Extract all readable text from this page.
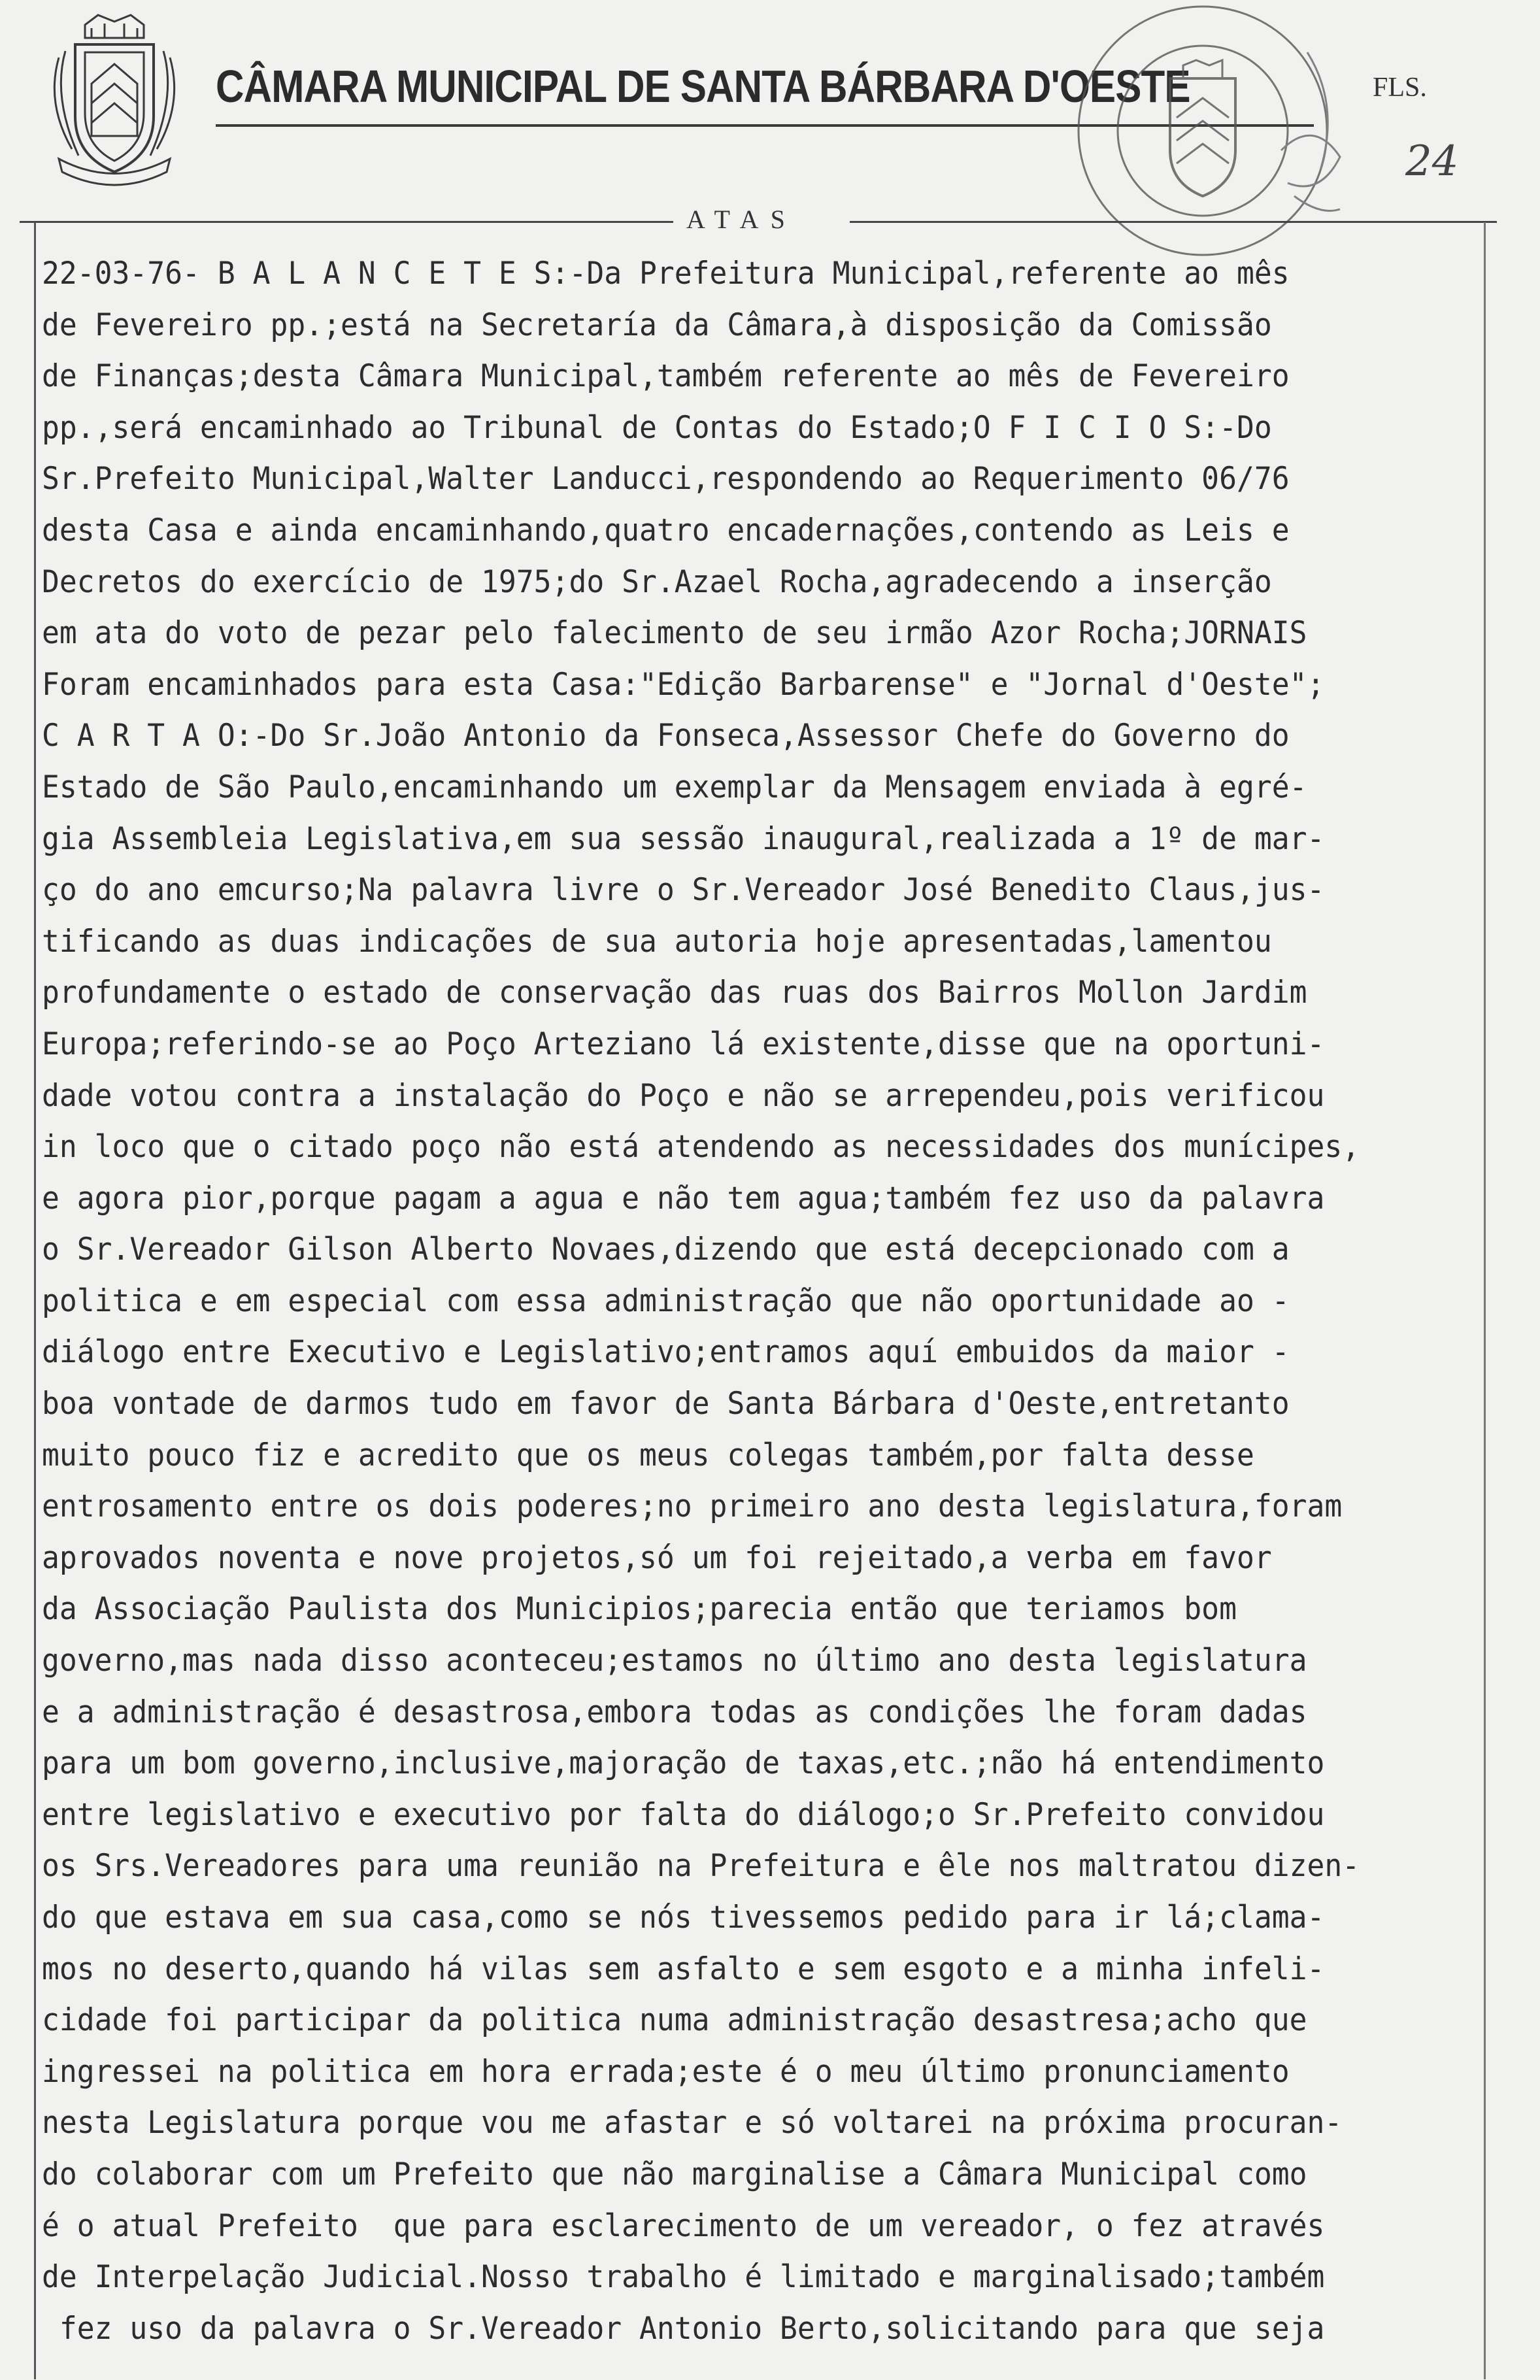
CÂMARA MUNICIPAL DE SANTA BÁRBARA D'OESTE	FLS.
24
ATAS
22-03-76- B A L A N C E T E S:-Da Prefeitura Municipal,referente ao mês
de Fevereiro pp.;está na Secretaría da Câmara,à disposição da Comissão
de Finanças;desta Câmara Municipal,também referente ao mês de Fevereiro
pp.,será encaminhado ao Tribunal de Contas do Estado;O F I C I O S:-Do
Sr.Prefeito Municipal,Walter Landucci,respondendo ao Requerimento 06/76
desta Casa e ainda encaminhando,quatro encadernações,contendo as Leis e
Decretos do exercício de 1975;do Sr.Azael Rocha,agradecendo a inserção
em ata do voto de pezar pelo falecimento de seu irmão Azor Rocha;JORNAIS
Foram encaminhados para esta Casa:"Edição Barbarense" e "Jornal d'Oeste";
C A R T A O:-Do Sr.João Antonio da Fonseca,Assessor Chefe do Governo do
Estado de São Paulo,encaminhando um exemplar da Mensagem enviada à egré-
gia Assembleia Legislativa,em sua sessão inaugural,realizada a 1º de mar-
ço do ano emcurso;Na palavra livre o Sr.Vereador José Benedito Claus,jus-
tificando as duas indicações de sua autoria hoje apresentadas,lamentou
profundamente o estado de conservação das ruas dos Bairros Mollon Jardim
Europa;referindo-se ao Poço Arteziano lá existente,disse que na oportuni-
dade votou contra a instalação do Poço e não se arrependeu,pois verificou
in loco que o citado poço não está atendendo as necessidades dos munícipes,
e agora pior,porque pagam a agua e não tem agua;também fez uso da palavra
o Sr.Vereador Gilson Alberto Novaes,dizendo que está decepcionado com a
politica e em especial com essa administração que não oportunidade ao -
diálogo entre Executivo e Legislativo;entramos aquí embuidos da maior -
boa vontade de darmos tudo em favor de Santa Bárbara d'Oeste,entretanto
muito pouco fiz e acredito que os meus colegas também,por falta desse
entrosamento entre os dois poderes;no primeiro ano desta legislatura,foram
aprovados noventa e nove projetos,só um foi rejeitado,a verba em favor
da Associação Paulista dos Municipios;parecia então que teriamos bom
governo,mas nada disso aconteceu;estamos no último ano desta legislatura
e a administração é desastrosa,embora todas as condições lhe foram dadas
para um bom governo,inclusive,majoração de taxas,etc.;não há entendimento
entre legislativo e executivo por falta do diálogo;o Sr.Prefeito convidou
os Srs.Vereadores para uma reunião na Prefeitura e êle nos maltratou dizen-
do que estava em sua casa,como se nós tivessemos pedido para ir lá;clama-
mos no deserto,quando há vilas sem asfalto e sem esgoto e a minha infeli-
cidade foi participar da politica numa administração desastresa;acho que
ingressei na politica em hora errada;este é o meu último pronunciamento
nesta Legislatura porque vou me afastar e só voltarei na próxima procuran-
do colaborar com um Prefeito que não marginalise a Câmara Municipal como
é o atual Prefeito  que para esclarecimento de um vereador, o fez através
de Interpelação Judicial.Nosso trabalho é limitado e marginalisado;também
fez uso da palavra o Sr.Vereador Antonio Berto,solicitando para que seja
